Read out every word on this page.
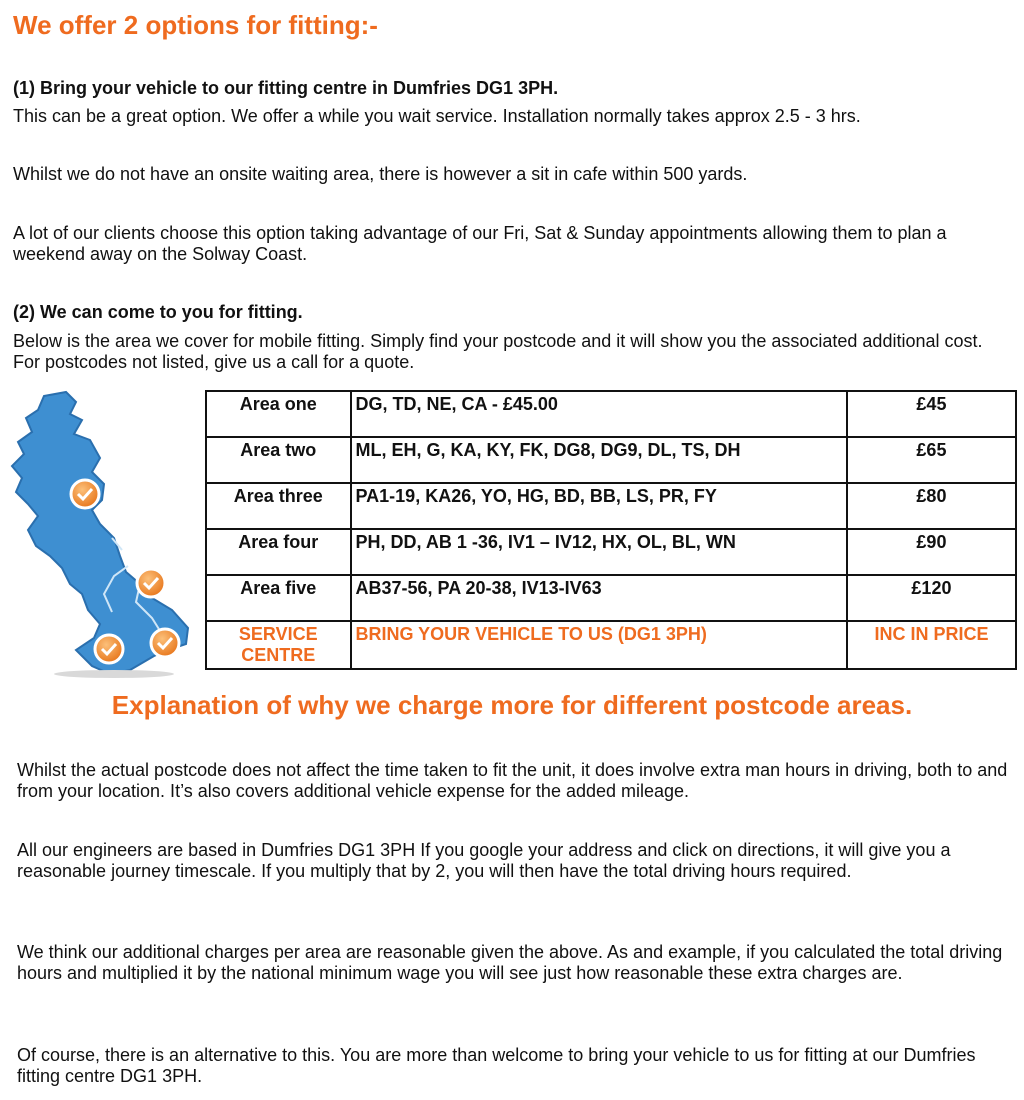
We offer 2 options for fitting:-
(1) Bring your vehicle to our fitting centre in Dumfries DG1 3PH.
This can be a great option. We offer a while you wait service. Installation normally takes approx 2.5 - 3 hrs.
Whilst we do not have an onsite waiting area, there is however a sit in cafe within 500 yards.
A lot of our clients choose this option taking advantage of our Fri, Sat & Sunday appointments allowing them to plan a weekend away on the Solway Coast.
(2) We can come to you for fitting.
Below is the area we cover for mobile fitting. Simply find your postcode and it will show you the associated additional cost. For postcodes not listed, give us a call for a quote.
Area one	DG, TD, NE, CA - £45.00	£45
Area two	ML, EH, G, KA, KY, FK, DG8, DG9, DL, TS, DH	£65
Area three	PA1-19, KA26, YO, HG, BD, BB, LS, PR, FY	£80
Area four	PH, DD, AB 1 -36, IV1 – IV12, HX, OL, BL, WN	£90
Area five	AB37-56, PA 20-38, IV13-IV63	£120
SERVICE CENTRE	BRING YOUR VEHICLE TO US (DG1 3PH)	INC IN PRICE
Explanation of why we charge more for different postcode areas.
Whilst the actual postcode does not affect the time taken to fit the unit, it does involve extra man hours in driving, both to and from your location. It’s also covers additional vehicle expense for the added mileage.
All our engineers are based in Dumfries DG1 3PH If you google your address and click on directions, it will give you a reasonable journey timescale. If you multiply that by 2, you will then have the total driving hours required.
We think our additional charges per area are reasonable given the above. As and example, if you calculated the total driving hours and multiplied it by the national minimum wage you will see just how reasonable these extra charges are.
Of course, there is an alternative to this. You are more than welcome to bring your vehicle to us for fitting at our Dumfries fitting centre DG1 3PH.
